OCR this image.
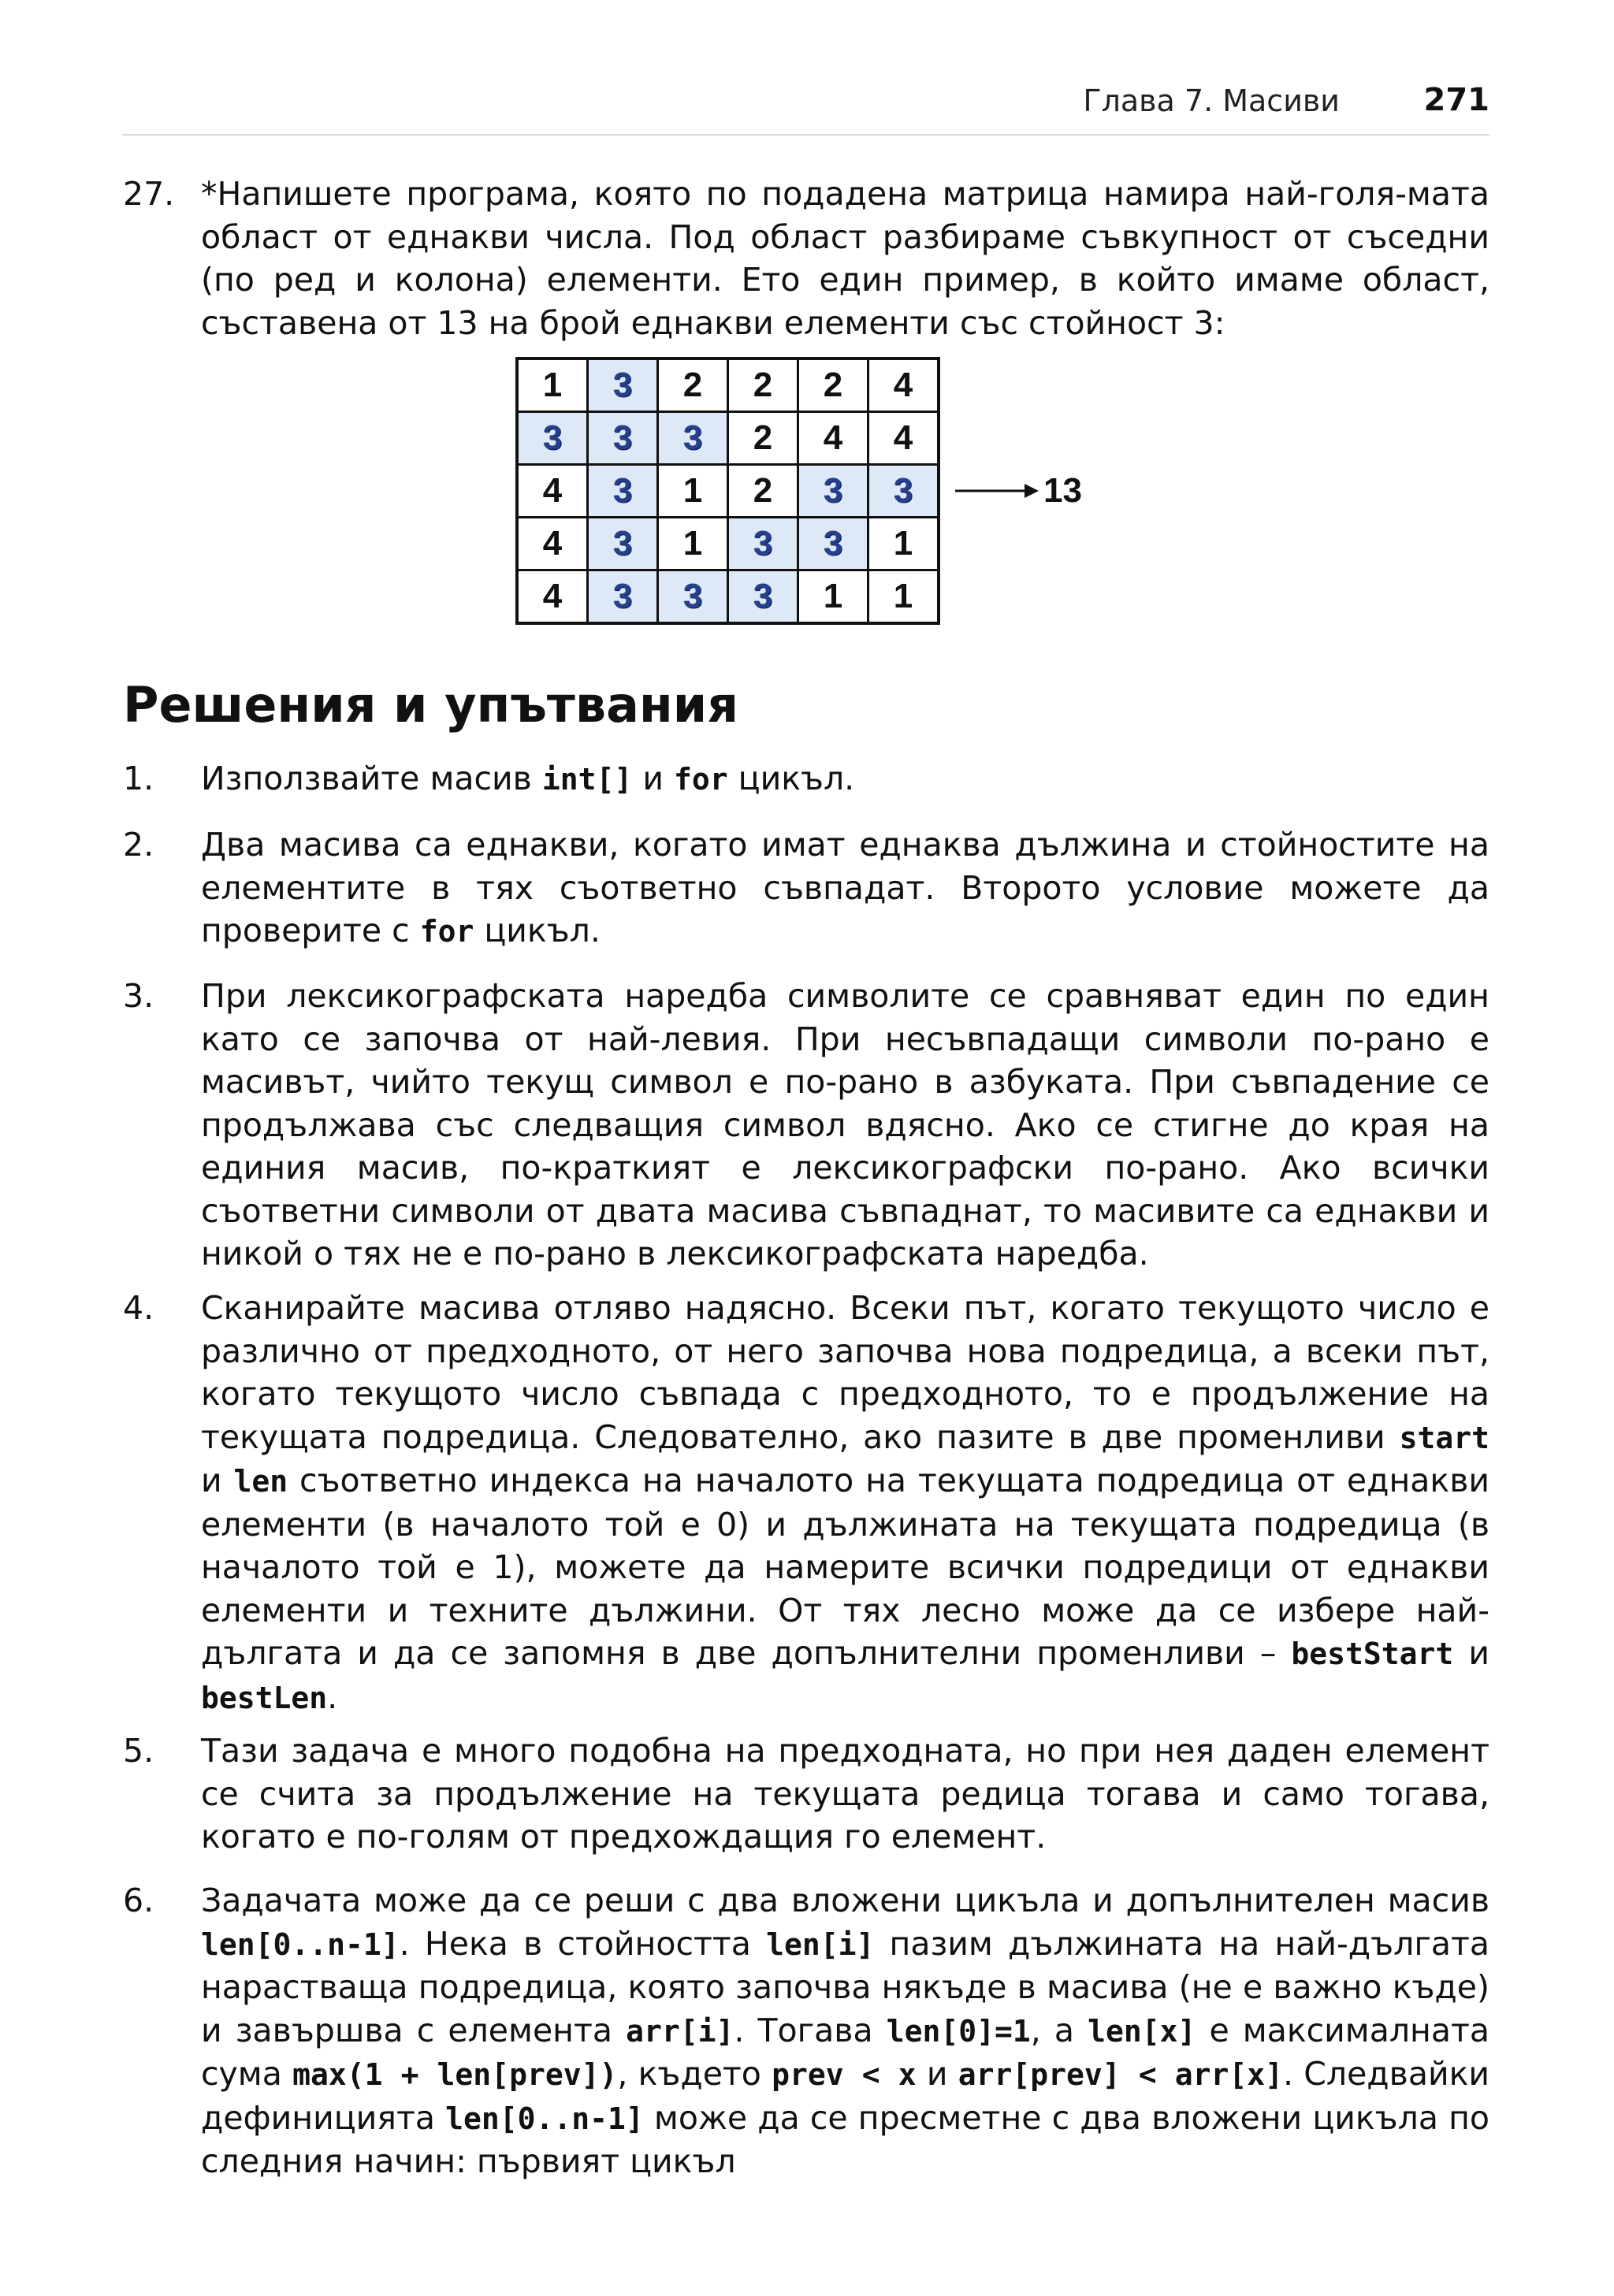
Глава 7. Масиви	271
27. *Напишете програма, която по подадена матрица намира най-голя-мата област от еднакви числа. Под област разбираме съвкупност от съседни (по ред и колона) елементи. Ето един пример, в който имаме област, съставена от 13 на брой еднакви елементи със стойност 3:
1	3	2	2	2	4
3	3	3	2	4	4
4	3	1	2	3	3
4	3	1	3	3	1
4	3	3	3	1	1
13
Решения и упътвания
1. Използвайте масив int[] и for цикъл.
2. Два масива са еднакви, когато имат еднаква дължина и стойностите на елементите в тях съответно съвпадат. Второто условие можете да проверите с for цикъл.
3. При лексикографската наредба символите се сравняват един по един като се започва от най-левия. При несъвпадащи символи по-рано е масивът, чийто текущ символ е по-рано в азбуката. При съвпадение се продължава със следващия символ вдясно. Ако се стигне до края на единия масив, по-краткият е лексикографски по-рано. Ако всички съответни символи от двата масива съвпаднат, то масивите са еднакви и никой о тях не е по-рано в лексикографската наредба.
4. Сканирайте масива отляво надясно. Всеки път, когато текущото число е различно от предходното, от него започва нова подредица, а всеки път, когато текущото число съвпада с предходното, то е продължение на текущата подредица. Следователно, ако пазите в две променливи start и len съответно индекса на началото на текущата подредица от еднакви елементи (в началото той е 0) и дължината на текущата подредица (в началото той е 1), можете да намерите всички подредици от еднакви елементи и техните дължини. От тях лесно може да се избере най-дългата и да се запомня в две допълнителни променливи – bestStart и bestLen.
5. Тази задача е много подобна на предходната, но при нея даден елемент се счита за продължение на текущата редица тогава и само тогава, когато е по-голям от предхождащия го елемент.
6. Задачата може да се реши с два вложени цикъла и допълнителен масив len[0..n-1]. Нека в стойността len[i] пазим дължината на най-дългата нарастваща подредица, която започва някъде в масива (не е важно къде) и завършва с елемента arr[i]. Тогава len[0]=1, а len[x] е максималната сума max(1 + len[prev]), където prev < x и arr[prev] < arr[x]. Следвайки дефиницията len[0..n-1] може да се пресметне с два вложени цикъла по следния начин: първият цикъл
